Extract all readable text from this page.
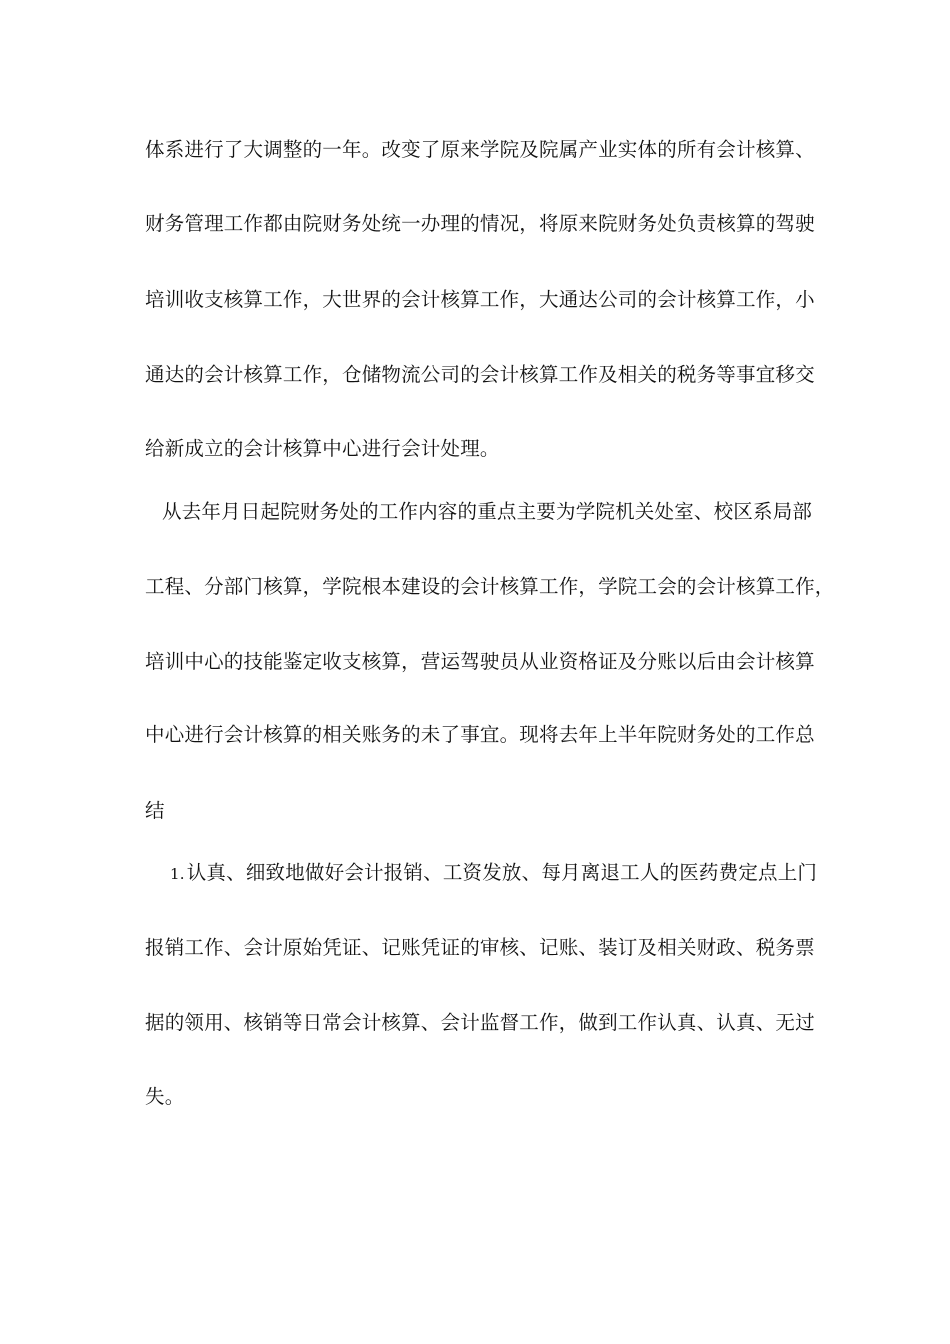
体系进行了大调整的一年。改变了原来学院及院属产业实体的所有会计核算、
财务管理工作都由院财务处统一办理的情况，将原来院财务处负责核算的驾驶
培训收支核算工作，大世界的会计核算工作，大通达公司的会计核算工作，小
通达的会计核算工作，仓储物流公司的会计核算工作及相关的税务等事宜移交
给新成立的会计核算中心进行会计处理。
从去年月日起院财务处的工作内容的重点主要为学院机关处室、校区系局部
工程、分部门核算，学院根本建设的会计核算工作，学院工会的会计核算工作，
培训中心的技能鉴定收支核算，营运驾驶员从业资格证及分账以后由会计核算
中心进行会计核算的相关账务的未了事宜。现将去年上半年院财务处的工作总
结
1. 认真、细致地做好会计报销、工资发放、每月离退工人的医药费定点上门
报销工作、会计原始凭证、记账凭证的审核、记账、装订及相关财政、税务票
据的领用、核销等日常会计核算、会计监督工作，做到工作认真、认真、无过
失。
